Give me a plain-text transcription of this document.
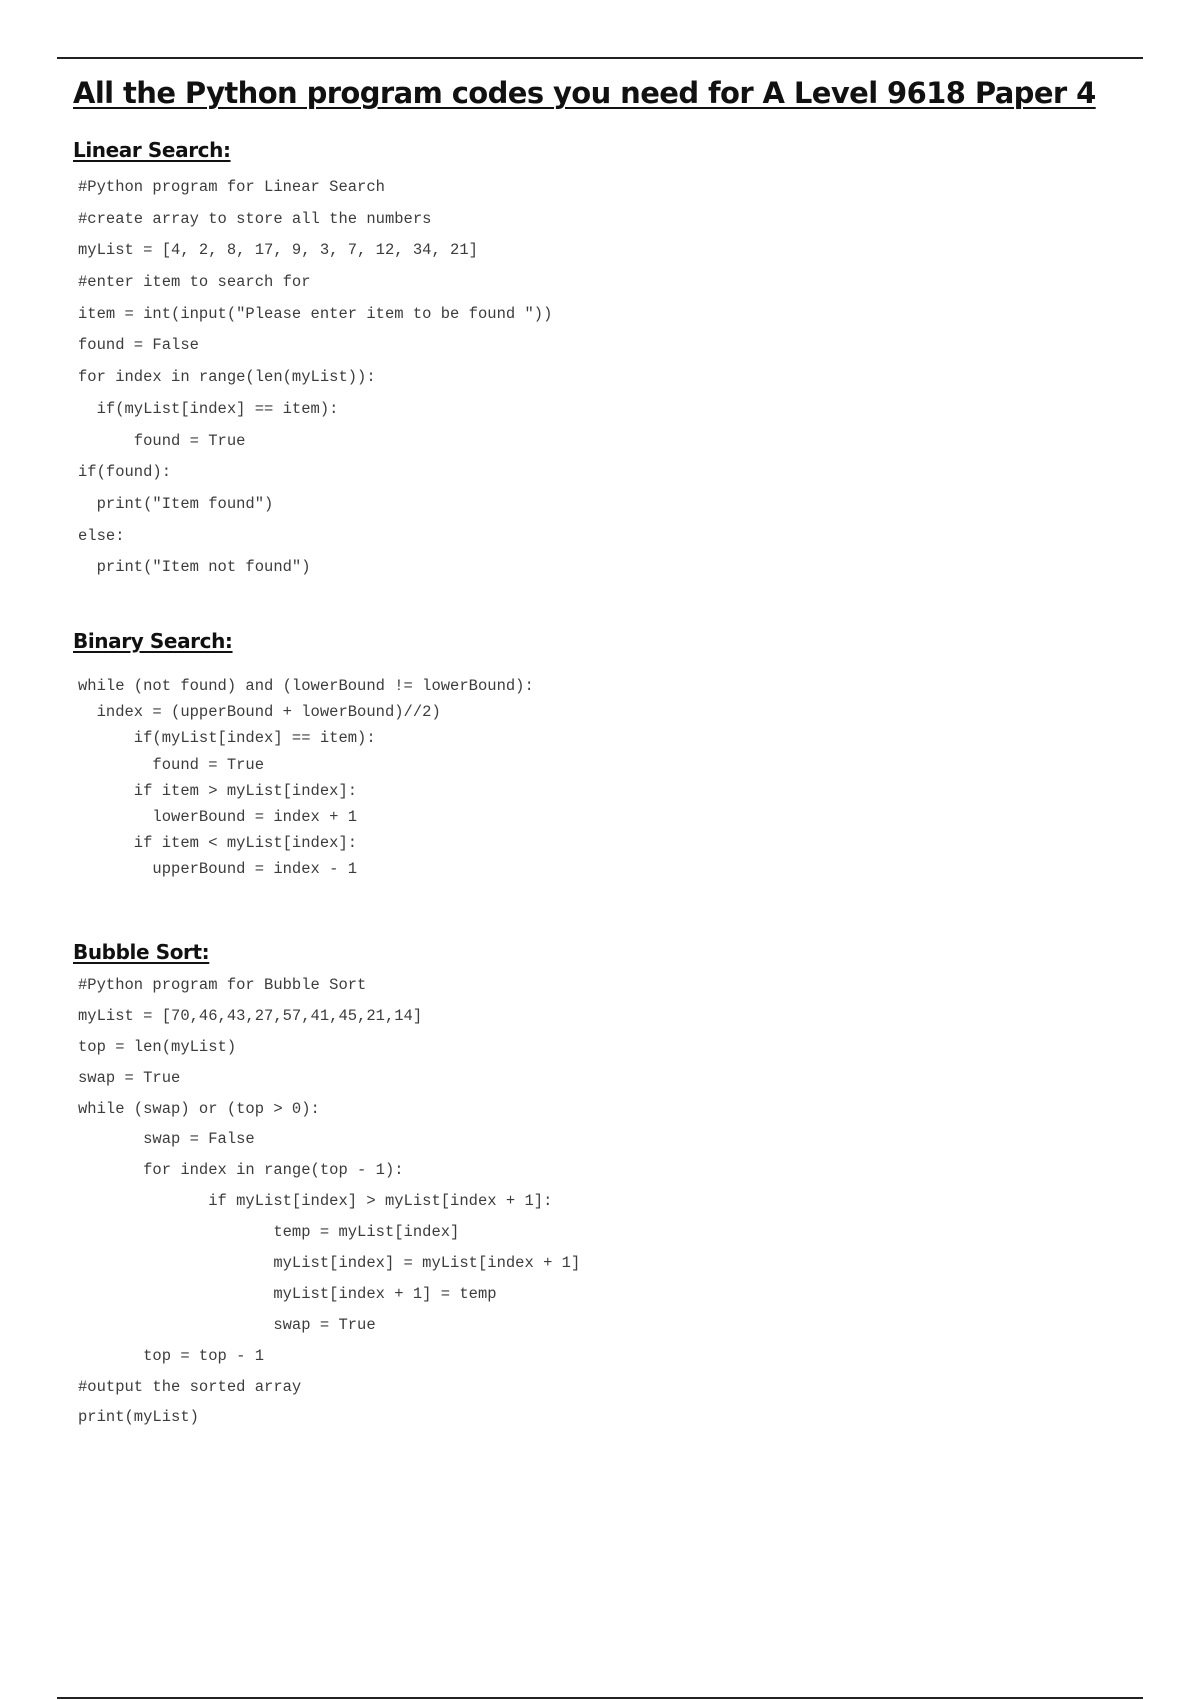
All the Python program codes you need for A Level 9618 Paper 4
Linear Search:
#Python program for Linear Search
#create array to store all the numbers
myList = [4, 2, 8, 17, 9, 3, 7, 12, 34, 21]
#enter item to search for
item = int(input("Please enter item to be found "))
found = False
for index in range(len(myList)):
if(myList[index] == item):
found = True
if(found):
print("Item found")
else:
print("Item not found")
Binary Search:
while (not found) and (lowerBound != lowerBound):
index = (upperBound + lowerBound)//2)
if(myList[index] == item):
found = True
if item > myList[index]:
lowerBound = index + 1
if item < myList[index]:
upperBound = index - 1
Bubble Sort:
#Python program for Bubble Sort
myList = [70,46,43,27,57,41,45,21,14]
top = len(myList)
swap = True
while (swap) or (top > 0):
swap = False
for index in range(top - 1):
if myList[index] > myList[index + 1]:
temp = myList[index]
myList[index] = myList[index + 1]
myList[index + 1] = temp
swap = True
top = top - 1
#output the sorted array
print(myList)
